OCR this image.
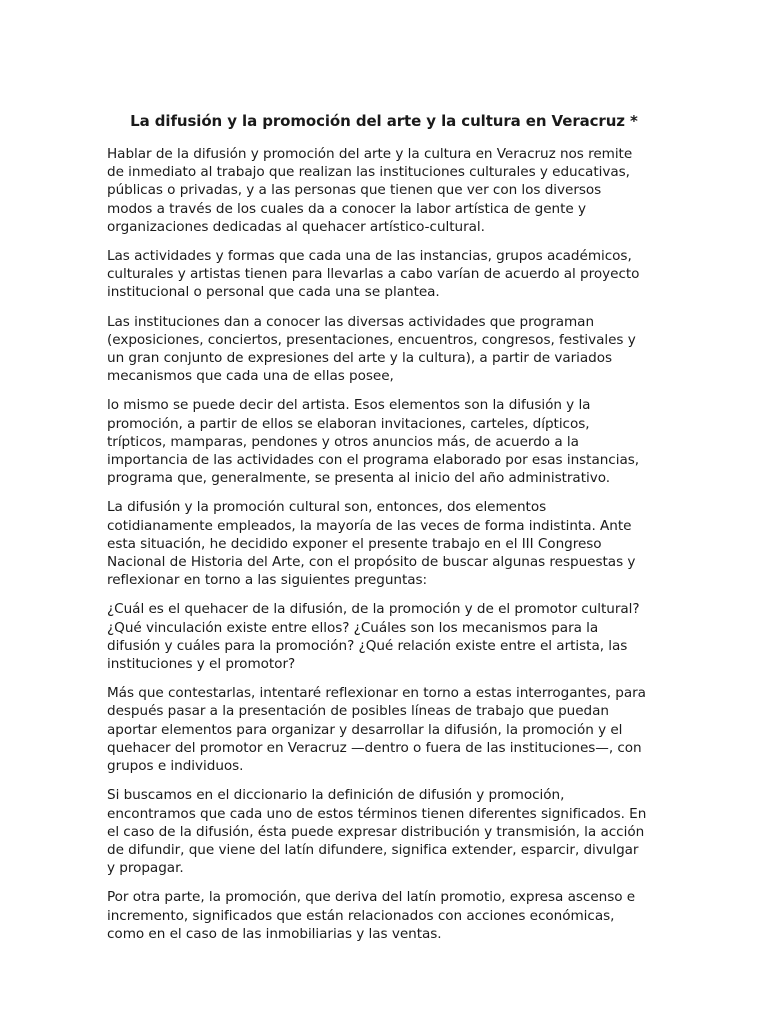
La difusión y la promoción del arte y la cultura en Veracruz *

Hablar de la difusión y promoción del arte y la cultura en Veracruz nos remite
de inmediato al trabajo que realizan las instituciones culturales y educativas,
públicas o privadas, y a las personas que tienen que ver con los diversos
modos a través de los cuales da a conocer la labor artística de gente y
organizaciones dedicadas al quehacer artístico-cultural.

Las actividades y formas que cada una de las instancias, grupos académicos,
culturales y artistas tienen para llevarlas a cabo varían de acuerdo al proyecto
institucional o personal que cada una se plantea.

Las instituciones dan a conocer las diversas actividades que programan
(exposiciones, conciertos, presentaciones, encuentros, congresos, festivales y
un gran conjunto de expresiones del arte y la cultura), a partir de variados
mecanismos que cada una de ellas posee,

lo mismo se puede decir del artista. Esos elementos son la difusión y la
promoción, a partir de ellos se elaboran invitaciones, carteles, dípticos,
trípticos, mamparas, pendones y otros anuncios más, de acuerdo a la
importancia de las actividades con el programa elaborado por esas instancias,
programa que, generalmente, se presenta al inicio del año administrativo.

La difusión y la promoción cultural son, entonces, dos elementos
cotidianamente empleados, la mayoría de las veces de forma indistinta. Ante
esta situación, he decidido exponer el presente trabajo en el III Congreso
Nacional de Historia del Arte, con el propósito de buscar algunas respuestas y
reflexionar en torno a las siguientes preguntas:

¿Cuál es el quehacer de la difusión, de la promoción y de el promotor cultural?
¿Qué vinculación existe entre ellos? ¿Cuáles son los mecanismos para la
difusión y cuáles para la promoción? ¿Qué relación existe entre el artista, las
instituciones y el promotor?

Más que contestarlas, intentaré reflexionar en torno a estas interrogantes, para
después pasar a la presentación de posibles líneas de trabajo que puedan
aportar elementos para organizar y desarrollar la difusión, la promoción y el
quehacer del promotor en Veracruz —dentro o fuera de las instituciones—, con
grupos e individuos.

Si buscamos en el diccionario la definición de difusión y promoción,
encontramos que cada uno de estos términos tienen diferentes significados. En
el caso de la difusión, ésta puede expresar distribución y transmisión, la acción
de difundir, que viene del latín difundere, significa extender, esparcir, divulgar
y propagar.

Por otra parte, la promoción, que deriva del latín promotio, expresa ascenso e
incremento, significados que están relacionados con acciones económicas,
como en el caso de las inmobiliarias y las ventas.
